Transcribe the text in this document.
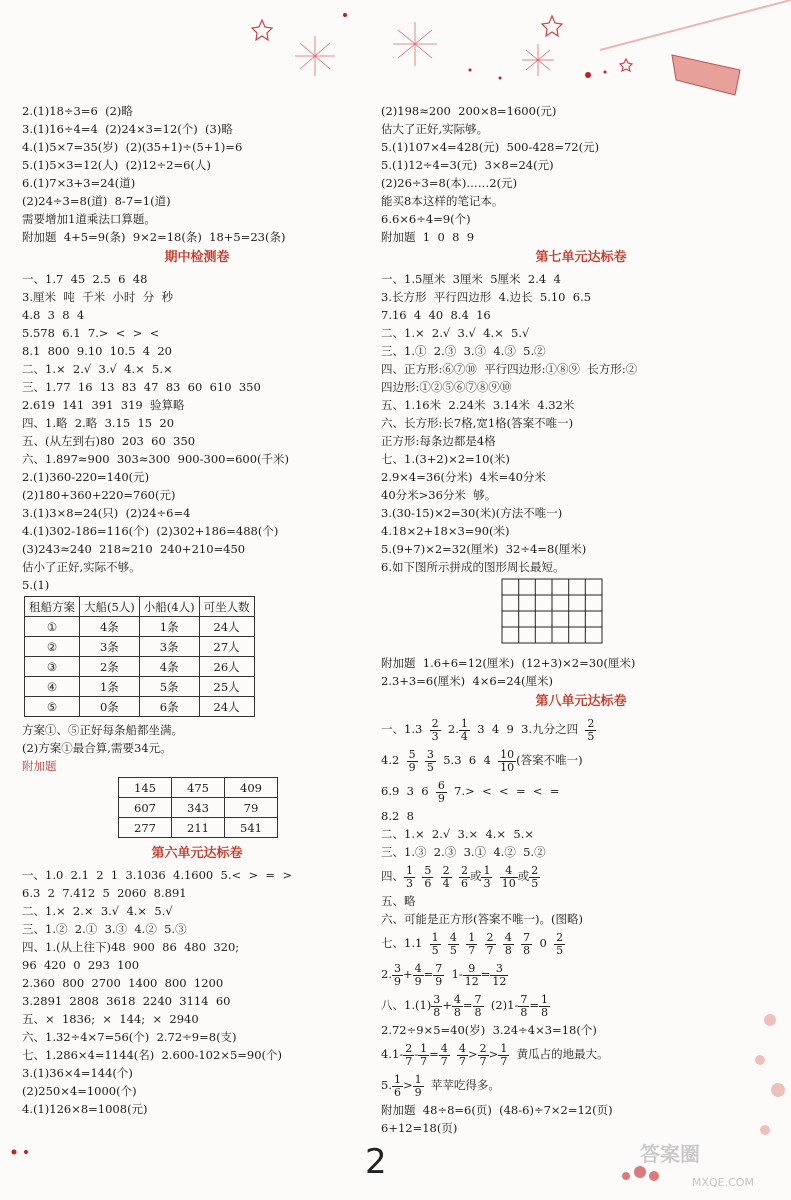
2.(1)18÷3=6  (2)略
3.(1)16÷4=4  (2)24×3=12(个)  (3)略
4.(1)5×7=35(岁)  (2)(35+1)÷(5+1)=6
5.(1)5×3=12(人)  (2)12÷2=6(人)
6.(1)7×3+3=24(道)
(2)24÷3=8(道)  8-7=1(道)
需要增加1道乘法口算题。
附加题  4+5=9(条)  9×2=18(条)  18+5=23(条)
期中检测卷
一、1.7  45  2.5  6  48
3.厘米  吨  千米  小时  分  秒
4.8  3  8  4
5.578  6.1  7.>  <  >  <
8.1  800  9.10  10.5  4  20
二、1.×  2.√  3.√  4.×  5.×
三、1.77  16  13  83  47  83  60  610  350
2.619  141  391  319  验算略
四、1.略  2.略  3.15  15  20
五、(从左到右)80  203  60  350
六、1.897≈900  303≈300  900-300=600(千米)
2.(1)360-220=140(元)
(2)180+360+220=760(元)
3.(1)3×8=24(只)  (2)24÷6=4
4.(1)302-186=116(个)  (2)302+186=488(个)
(3)243≈240  218≈210  240+210=450
估小了正好,实际不够。
5.(1)
租船方案	大船(5人)	小船(4人)	可坐人数
①	4条	1条	24人
②	3条	3条	27人
③	2条	4条	26人
④	1条	5条	25人
⑤	0条	6条	24人
方案①、⑤正好每条船都坐满。
(2)方案①最合算,需要34元。
附加题
145	475	409
607	343	79
277	211	541
第六单元达标卷
一、1.0  2.1  2  1  3.1036  4.1600  5.<  >  =  >
6.3  2  7.412  5  2060  8.891
二、1.×  2.×  3.√  4.×  5.√
三、1.②  2.①  3.③  4.②  5.③
四、1.(从上往下)48  900  86  480  320;
96  420  0  293  100
2.360  800  2700  1400  800  1200
3.2891  2808  3618  2240  3114  60
五、×  1836;  ×  144;  ×  2940
六、1.32÷4×7=56(个)  2.72÷9=8(支)
七、1.286×4=1144(名)  2.600-102×5=90(个)
3.(1)36×4=144(个)
(2)250×4=1000(个)
4.(1)126×8=1008(元)
(2)198≈200  200×8=1600(元)
估大了正好,实际够。
5.(1)107×4=428(元)  500-428=72(元)
5.(1)12÷4=3(元)  3×8=24(元)
(2)26÷3=8(本)……2(元)
能买8本这样的笔记本。
6.6×6÷4=9(个)
附加题  1  0  8  9
第七单元达标卷
一、1.5厘米  3厘米  5厘米  2.4  4
3.长方形  平行四边形  4.边长  5.10  6.5
7.16  4  40  8.4  16
二、1.×  2.√  3.√  4.×  5.√
三、1.①  2.③  3.③  4.③  5.②
四、正方形:⑥⑦⑩  平行四边形:①⑧⑨  长方形:②
四边形:①②⑤⑥⑦⑧⑨⑩
五、1.16米  2.24米  3.14米  4.32米
六、长方形:长7格,宽1格(答案不唯一)
正方形:每条边都是4格
七、1.(3+2)×2=10(米)
2.9×4=36(分米)  4米=40分米
40分米>36分米  够。
3.(30-15)×2=30(米)(方法不唯一)
4.18×2+18×3=90(米)
5.(9+7)×2=32(厘米)  32÷4=8(厘米)
6.如下图所示拼成的图形周长最短。
附加题  1.6+6=12(厘米)  (12+3)×2=30(厘米)
2.3+3=6(厘米)  4×6=24(厘米)
第八单元达标卷
一、$1.3 \frac{2}{3} 2$. $\frac{1}{4} 3$  4  9  3.九分之四 $\frac{2}{5}$
$4.2 \frac{5}{9}$
$\frac{3}{5} 5.3$  6  $4 \frac{10}{10}$ (答案不唯一)
6.9  3  $6 \frac{6}{9} 7.>$  <  <  =  <  =
8.2  8
二、1.×  2.√  3.×  4.×  5.×
三、1.③  2.③  3.①  4.②  5.②
四、 $\frac{1}{3}$
$\frac{5}{6}$
$\frac{2}{4}$
$\frac{2}{6}$ 或 $\frac{1}{3}$
$\frac{4}{10}$ 或 $\frac{2}{5}$
五、略
六、可能是正方形(答案不唯一)。(图略)
七、$1.1 \frac{1}{5}$
$\frac{4}{5}$
$\frac{1}{7}$
$\frac{2}{7}$
$\frac{4}{8}$
$\frac{7}{8} 0 \frac{2}{5}$
2. $\frac{3}{9} + \frac{4}{9} = \frac{7}{9} 1- \frac{9}{12} = \frac{3}{12}$
八、$1.(1) \frac{3}{8} + \frac{4}{8} = \frac{7}{8} (2)1- \frac{7}{8} = \frac{1}{8}$
2.72÷9×5=40(岁)  3.24÷4×3=18(个)
$4.1- \frac{2}{7} - \frac{1}{7} = \frac{4}{7}$
$\frac{4}{7} > \frac{2}{7} > \frac{1}{7}$ 黄瓜占的地最大。
5. $\frac{1}{6} > \frac{1}{9}$ 苹苹吃得多。
附加题  48÷8=6(页)  (48-6)÷7×2=12(页)
6+12=18(页)
2	答案圈
MXQE.COM
